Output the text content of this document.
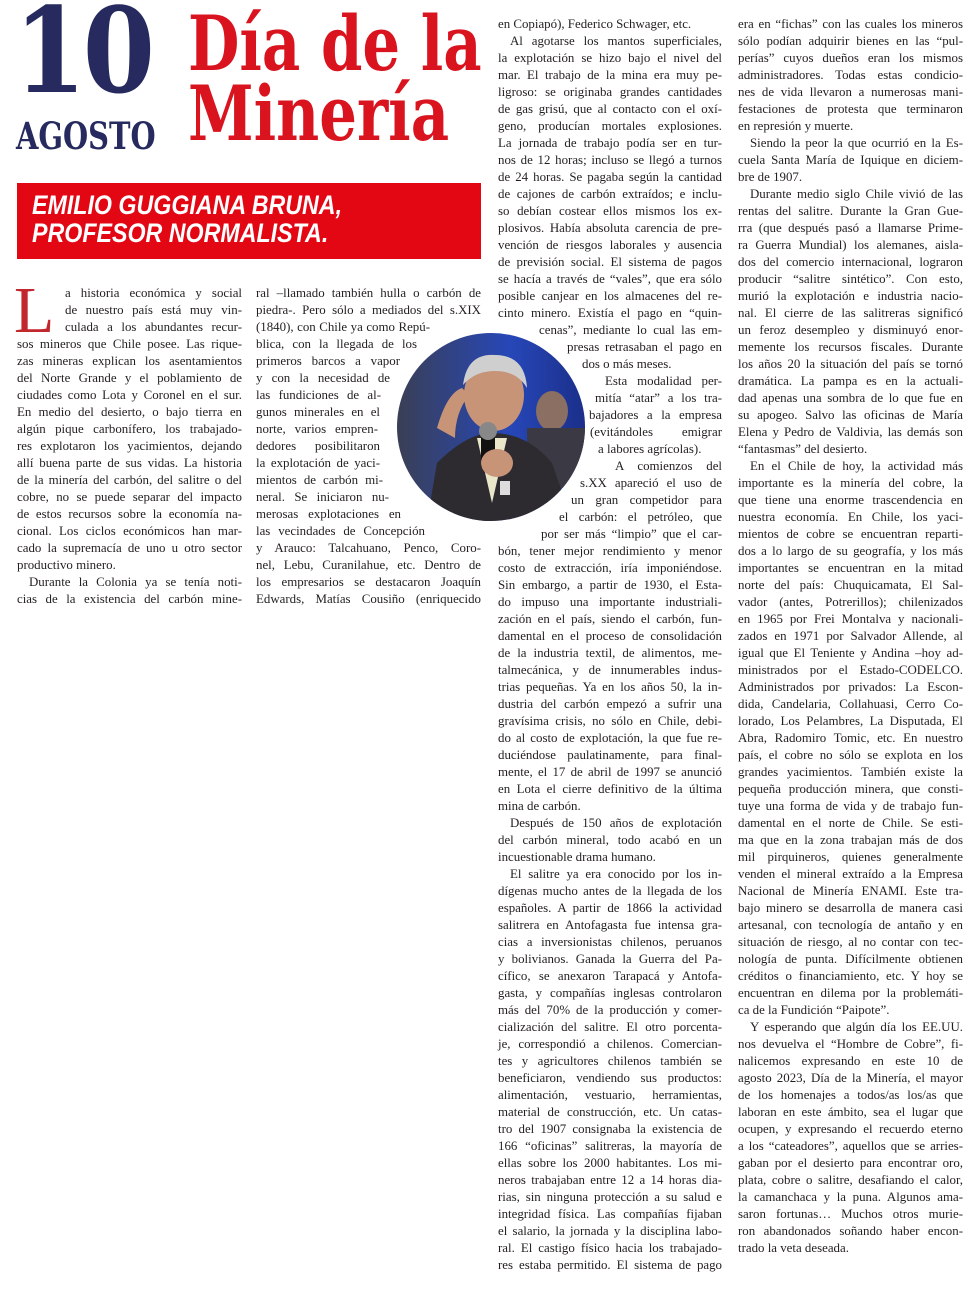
10
AGOSTO
Día de la
Minería
EMILIO GUGGIANA BRUNA,
PROFESOR NORMALISTA.
L a historia económica y social
de nuestro país está muy vin-
culada a los abundantes recur-
sos mineros que Chile posee. Las rique-
zas mineras explican los asentamientos
del Norte Grande y el poblamiento de
ciudades como Lota y Coronel en el sur.
En medio del desierto, o bajo tierra en
algún pique carbonífero, los trabajado-
res explotaron los yacimientos, dejando
allí buena parte de sus vidas. La historia
de la minería del carbón, del salitre o del
cobre, no se puede separar del impacto
de estos recursos sobre la economía na-
cional. Los ciclos económicos han mar-
cado la supremacía de uno u otro sector
productivo minero.
Durante la Colonia ya se tenía noti-
cias de la existencia del carbón mine-
ral –llamado también hulla o carbón de
piedra-. Pero sólo a mediados del s.XIX
(1840), con Chile ya como Repú-
blica, con la llegada de los
primeros barcos a vapor
y con la necesidad de
las fundiciones de al-
gunos minerales en el
norte, varios empren-
dedores posibilitaron
la explotación de yaci-
mientos de carbón mi-
neral. Se iniciaron nu-
merosas explotaciones en
las vecindades de Concepción
y Arauco: Talcahuano, Penco, Coro-
nel, Lebu, Curanilahue, etc. Dentro de
los empresarios se destacaron Joaquín
Edwards, Matías Cousiño (enriquecido
en Copiapó), Federico Schwager, etc.
Al agotarse los mantos superficiales,
la explotación se hizo bajo el nivel del
mar. El trabajo de la mina era muy pe-
ligroso: se originaba grandes cantidades
de gas grisú, que al contacto con el oxí-
geno, producían mortales explosiones.
La jornada de trabajo podía ser en tur-
nos de 12 horas; incluso se llegó a turnos
de 24 horas. Se pagaba según la cantidad
de cajones de carbón extraídos; e inclu-
so debían costear ellos mismos los ex-
plosivos. Había absoluta carencia de pre-
vención de riesgos laborales y ausencia
de previsión social. El sistema de pagos
se hacía a través de “vales”, que era sólo
posible canjear en los almacenes del re-
cinto minero. Existía el pago en “quin-
cenas”, mediante lo cual las em-
presas retrasaban el pago en
dos o más meses.
Esta modalidad per-
mitía “atar” a los tra-
bajadores a la empresa
(evitándoles emigrar
a labores agrícolas).
A comienzos del
s.XX apareció el uso de
un gran competidor para
el carbón: el petróleo, que
por ser más “limpio” que el car-
bón, tener mejor rendimiento y menor
costo de extracción, iría imponiéndose.
Sin embargo, a partir de 1930, el Esta-
do impuso una importante industriali-
zación en el país, siendo el carbón, fun-
damental en el proceso de consolidación
de la industria textil, de alimentos, me-
talmecánica, y de innumerables indus-
trias pequeñas. Ya en los años 50, la in-
dustria del carbón empezó a sufrir una
gravísima crisis, no sólo en Chile, debi-
do al costo de explotación, la que fue re-
duciéndose paulatinamente, para final-
mente, el 17 de abril de 1997 se anunció
en Lota el cierre definitivo de la última
mina de carbón.
Después de 150 años de explotación
del carbón mineral, todo acabó en un
incuestionable drama humano.
El salitre ya era conocido por los in-
dígenas mucho antes de la llegada de los
españoles. A partir de 1866 la actividad
salitrera en Antofagasta fue intensa gra-
cias a inversionistas chilenos, peruanos
y bolivianos. Ganada la Guerra del Pa-
cífico, se anexaron Tarapacá y Antofa-
gasta, y compañías inglesas controlaron
más del 70% de la producción y comer-
cialización del salitre. El otro porcenta-
je, correspondió a chilenos. Comercian-
tes y agricultores chilenos también se
beneficiaron, vendiendo sus productos:
alimentación, vestuario, herramientas,
material de construcción, etc. Un catas-
tro del 1907 consignaba la existencia de
166 “oficinas” salitreras, la mayoría de
ellas sobre los 2000 habitantes. Los mi-
neros trabajaban entre 12 a 14 horas dia-
rias, sin ninguna protección a su salud e
integridad física. Las compañías fijaban
el salario, la jornada y la disciplina labo-
ral. El castigo físico hacia los trabajado-
res estaba permitido. El sistema de pago
era en “fichas” con las cuales los mineros
sólo podían adquirir bienes en las “pul-
perías” cuyos dueños eran los mismos
administradores. Todas estas condicio-
nes de vida llevaron a numerosas mani-
festaciones de protesta que terminaron
en represión y muerte.
Siendo la peor la que ocurrió en la Es-
cuela Santa María de Iquique en diciem-
bre de 1907.
Durante medio siglo Chile vivió de las
rentas del salitre. Durante la Gran Gue-
rra (que después pasó a llamarse Prime-
ra Guerra Mundial) los alemanes, aisla-
dos del comercio internacional, lograron
producir “salitre sintético”. Con esto,
murió la explotación e industria nacio-
nal. El cierre de las salitreras significó
un feroz desempleo y disminuyó enor-
memente los recursos fiscales. Durante
los años 20 la situación del país se tornó
dramática. La pampa es en la actuali-
dad apenas una sombra de lo que fue en
su apogeo. Salvo las oficinas de María
Elena y Pedro de Valdivia, las demás son
“fantasmas” del desierto.
En el Chile de hoy, la actividad más
importante es la minería del cobre, la
que tiene una enorme trascendencia en
nuestra economía. En Chile, los yaci-
mientos de cobre se encuentran reparti-
dos a lo largo de su geografía, y los más
importantes se encuentran en la mitad
norte del país: Chuquicamata, El Sal-
vador (antes, Potrerillos); chilenizados
en 1965 por Frei Montalva y nacionali-
zados en 1971 por Salvador Allende, al
igual que El Teniente y Andina –hoy ad-
ministrados por el Estado-CODELCO.
Administrados por privados: La Escon-
dida, Candelaria, Collahuasi, Cerro Co-
lorado, Los Pelambres, La Disputada, El
Abra, Radomiro Tomic, etc. En nuestro
país, el cobre no sólo se explota en los
grandes yacimientos. También existe la
pequeña producción minera, que consti-
tuye una forma de vida y de trabajo fun-
damental en el norte de Chile. Se esti-
ma que en la zona trabajan más de dos
mil pirquineros, quienes generalmente
venden el mineral extraído a la Empresa
Nacional de Minería ENAMI. Este tra-
bajo minero se desarrolla de manera casi
artesanal, con tecnología de antaño y en
situación de riesgo, al no contar con tec-
nología de punta. Difícilmente obtienen
créditos o financiamiento, etc. Y hoy se
encuentran en dilema por la problemáti-
ca de la Fundición “Paipote”.
Y esperando que algún día los EE.UU.
nos devuelva el “Hombre de Cobre”, fi-
nalicemos expresando en este 10 de
agosto 2023, Día de la Minería, el mayor
de los homenajes a todos/as los/as que
laboran en este ámbito, sea el lugar que
ocupen, y expresando el recuerdo eterno
a los “cateadores”, aquellos que se arries-
gaban por el desierto para encontrar oro,
plata, cobre o salitre, desafiando el calor,
la camanchaca y la puna. Algunos ama-
saron fortunas… Muchos otros murie-
ron abandonados soñando haber encon-
trado la veta deseada.
